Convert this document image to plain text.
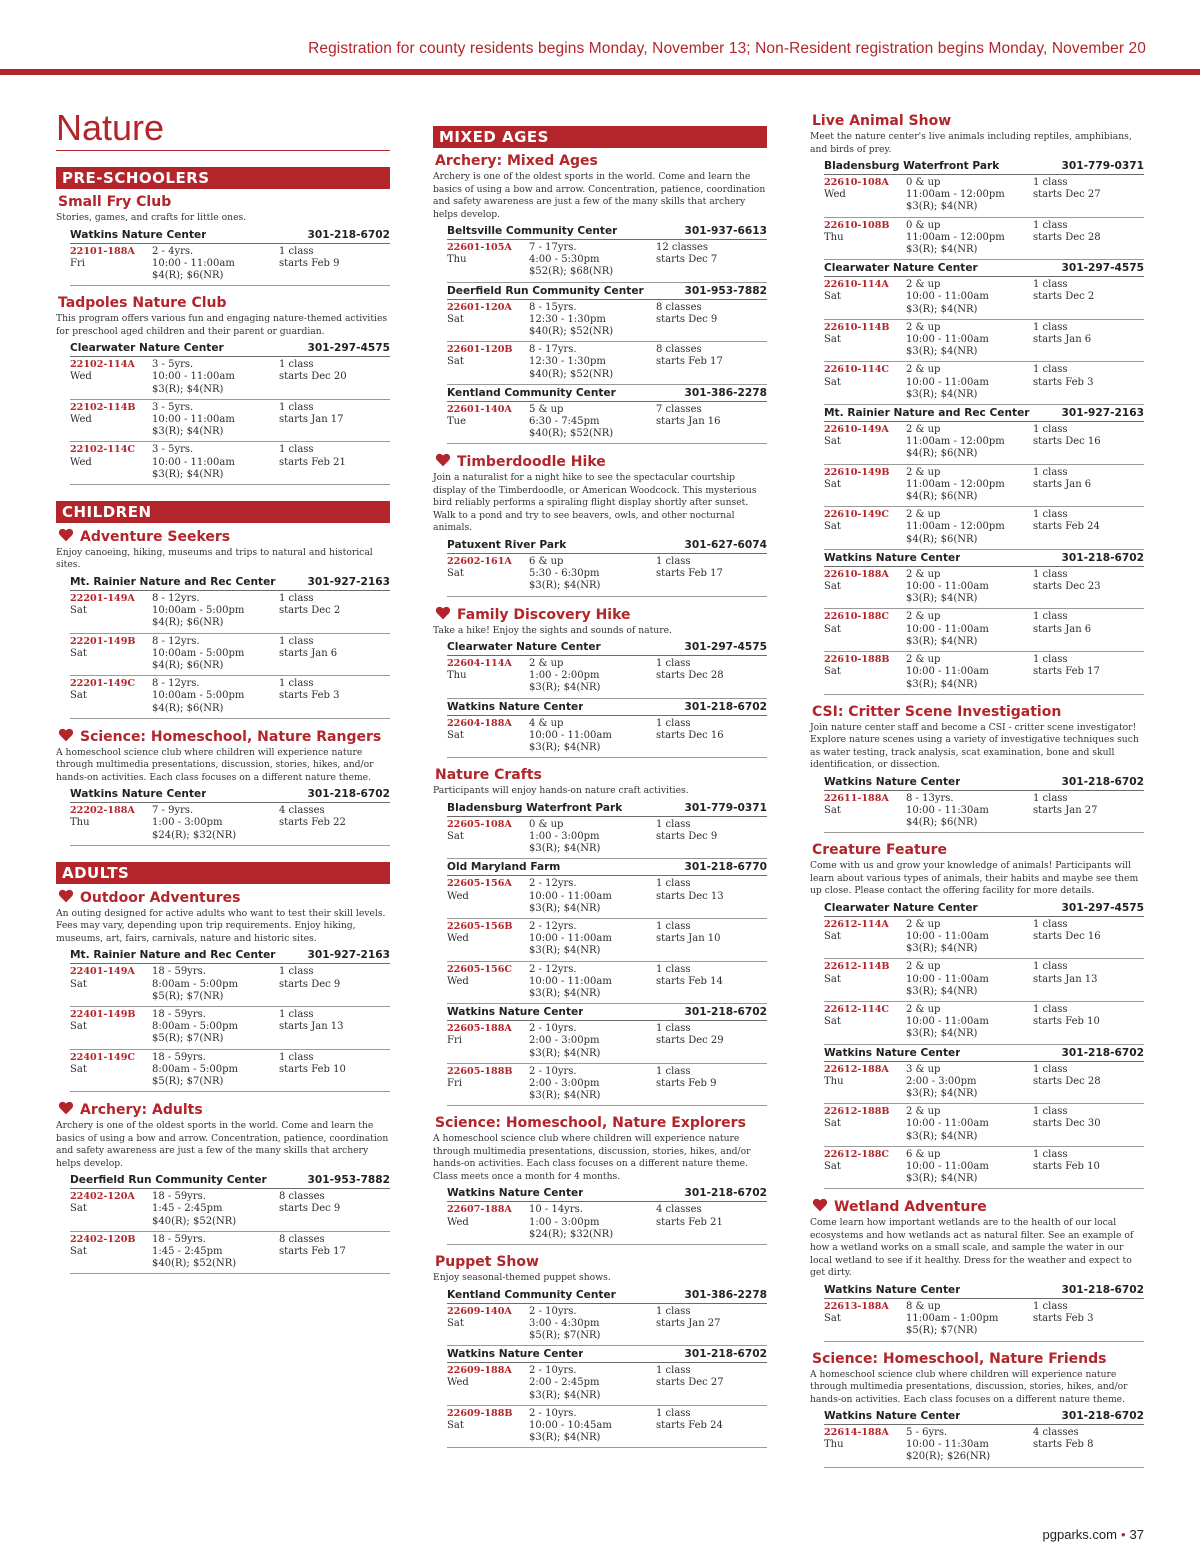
Registration for county residents begins Monday, November 13; Non-Resident registration begins Monday, November 20
Nature
PRE-SCHOOLERS
Small Fry Club
Stories, games, and crafts for little ones.
Watkins Nature Center	301-218-6702
22101-188A
Fri
2 - 4yrs.
10:00 - 11:00am
$4(R); $6(NR)
1 class
starts Feb 9
Tadpoles Nature Club
This program offers various fun and engaging nature-themed activities for preschool aged children and their parent or guardian.
Clearwater Nature Center	301-297-4575
22102-114A
Wed
3 - 5yrs.
10:00 - 11:00am
$3(R); $4(NR)
1 class
starts Dec 20
22102-114B
Wed
3 - 5yrs.
10:00 - 11:00am
$3(R); $4(NR)
1 class
starts Jan 17
22102-114C
Wed
3 - 5yrs.
10:00 - 11:00am
$3(R); $4(NR)
1 class
starts Feb 21
CHILDREN
Adventure Seekers
Enjoy canoeing, hiking, museums and trips to natural and historical sites.
Mt. Rainier Nature and Rec Center	301-927-2163
22201-149A
Sat
8 - 12yrs.
10:00am - 5:00pm
$4(R); $6(NR)
1 class
starts Dec 2
22201-149B
Sat
8 - 12yrs.
10:00am - 5:00pm
$4(R); $6(NR)
1 class
starts Jan 6
22201-149C
Sat
8 - 12yrs.
10:00am - 5:00pm
$4(R); $6(NR)
1 class
starts Feb 3
Science: Homeschool, Nature Rangers
A homeschool science club where children will experience nature through multimedia presentations, discussion, stories, hikes, and/or hands-on activities. Each class focuses on a different nature theme.
Watkins Nature Center	301-218-6702
22202-188A
Thu
7 - 9yrs.
1:00 - 3:00pm
$24(R); $32(NR)
4 classes
starts Feb 22
ADULTS
Outdoor Adventures
An outing designed for active adults who want to test their skill levels. Fees may vary, depending upon trip requirements. Enjoy hiking, museums, art, fairs, carnivals, nature and historic sites.
Mt. Rainier Nature and Rec Center	301-927-2163
22401-149A
Sat
18 - 59yrs.
8:00am - 5:00pm
$5(R); $7(NR)
1 class
starts Dec 9
22401-149B
Sat
18 - 59yrs.
8:00am - 5:00pm
$5(R); $7(NR)
1 class
starts Jan 13
22401-149C
Sat
18 - 59yrs.
8:00am - 5:00pm
$5(R); $7(NR)
1 class
starts Feb 10
Archery: Adults
Archery is one of the oldest sports in the world. Come and learn the basics of using a bow and arrow. Concentration, patience, coordination and safety awareness are just a few of the many skills that archery helps develop.
Deerfield Run Community Center	301-953-7882
22402-120A
Sat
18 - 59yrs.
1:45 - 2:45pm
$40(R); $52(NR)
8 classes
starts Dec 9
22402-120B
Sat
18 - 59yrs.
1:45 - 2:45pm
$40(R); $52(NR)
8 classes
starts Feb 17
MIXED AGES
Archery: Mixed Ages
Archery is one of the oldest sports in the world. Come and learn the basics of using a bow and arrow. Concentration, patience, coordination and safety awareness are just a few of the many skills that archery helps develop.
Beltsville Community Center	301-937-6613
22601-105A
Thu
7 - 17yrs.
4:00 - 5:30pm
$52(R); $68(NR)
12 classes
starts Dec 7
Deerfield Run Community Center	301-953-7882
22601-120A
Sat
8 - 15yrs.
12:30 - 1:30pm
$40(R); $52(NR)
8 classes
starts Dec 9
22601-120B
Sat
8 - 17yrs.
12:30 - 1:30pm
$40(R); $52(NR)
8 classes
starts Feb 17
Kentland Community Center	301-386-2278
22601-140A
Tue
5 & up
6:30 - 7:45pm
$40(R); $52(NR)
7 classes
starts Jan 16
Timberdoodle Hike
Join a naturalist for a night hike to see the spectacular courtship display of the Timberdoodle, or American Woodcock. This mysterious bird reliably performs a spiraling flight display shortly after sunset. Walk to a pond and try to see beavers, owls, and other nocturnal animals.
Patuxent River Park	301-627-6074
22602-161A
Sat
6 & up
5:30 - 6:30pm
$3(R); $4(NR)
1 class
starts Feb 17
Family Discovery Hike
Take a hike! Enjoy the sights and sounds of nature.
Clearwater Nature Center	301-297-4575
22604-114A
Thu
2 & up
1:00 - 2:00pm
$3(R); $4(NR)
1 class
starts Dec 28
Watkins Nature Center	301-218-6702
22604-188A
Sat
4 & up
10:00 - 11:00am
$3(R); $4(NR)
1 class
starts Dec 16
Nature Crafts
Participants will enjoy hands-on nature craft activities.
Bladensburg Waterfront Park	301-779-0371
22605-108A
Sat
0 & up
1:00 - 3:00pm
$3(R); $4(NR)
1 class
starts Dec 9
Old Maryland Farm	301-218-6770
22605-156A
Wed
2 - 12yrs.
10:00 - 11:00am
$3(R); $4(NR)
1 class
starts Dec 13
22605-156B
Wed
2 - 12yrs.
10:00 - 11:00am
$3(R); $4(NR)
1 class
starts Jan 10
22605-156C
Wed
2 - 12yrs.
10:00 - 11:00am
$3(R); $4(NR)
1 class
starts Feb 14
Watkins Nature Center	301-218-6702
22605-188A
Fri
2 - 10yrs.
2:00 - 3:00pm
$3(R); $4(NR)
1 class
starts Dec 29
22605-188B
Fri
2 - 10yrs.
2:00 - 3:00pm
$3(R); $4(NR)
1 class
starts Feb 9
Science: Homeschool, Nature Explorers
A homeschool science club where children will experience nature through multimedia presentations, discussion, stories, hikes, and/or hands-on activities. Each class focuses on a different nature theme. Class meets once a month for 4 months.
Watkins Nature Center	301-218-6702
22607-188A
Wed
10 - 14yrs.
1:00 - 3:00pm
$24(R); $32(NR)
4 classes
starts Feb 21
Puppet Show
Enjoy seasonal-themed puppet shows.
Kentland Community Center	301-386-2278
22609-140A
Sat
2 - 10yrs.
3:00 - 4:30pm
$5(R); $7(NR)
1 class
starts Jan 27
Watkins Nature Center	301-218-6702
22609-188A
Wed
2 - 10yrs.
2:00 - 2:45pm
$3(R); $4(NR)
1 class
starts Dec 27
22609-188B
Sat
2 - 10yrs.
10:00 - 10:45am
$3(R); $4(NR)
1 class
starts Feb 24
Live Animal Show
Meet the nature center's live animals including reptiles, amphibians, and birds of prey.
Bladensburg Waterfront Park	301-779-0371
22610-108A
Wed
0 & up
11:00am - 12:00pm
$3(R); $4(NR)
1 class
starts Dec 27
22610-108B
Thu
0 & up
11:00am - 12:00pm
$3(R); $4(NR)
1 class
starts Dec 28
Clearwater Nature Center	301-297-4575
22610-114A
Sat
2 & up
10:00 - 11:00am
$3(R); $4(NR)
1 class
starts Dec 2
22610-114B
Sat
2 & up
10:00 - 11:00am
$3(R); $4(NR)
1 class
starts Jan 6
22610-114C
Sat
2 & up
10:00 - 11:00am
$3(R); $4(NR)
1 class
starts Feb 3
Mt. Rainier Nature and Rec Center	301-927-2163
22610-149A
Sat
2 & up
11:00am - 12:00pm
$4(R); $6(NR)
1 class
starts Dec 16
22610-149B
Sat
2 & up
11:00am - 12:00pm
$4(R); $6(NR)
1 class
starts Jan 6
22610-149C
Sat
2 & up
11:00am - 12:00pm
$4(R); $6(NR)
1 class
starts Feb 24
Watkins Nature Center	301-218-6702
22610-188A
Sat
2 & up
10:00 - 11:00am
$3(R); $4(NR)
1 class
starts Dec 23
22610-188C
Sat
2 & up
10:00 - 11:00am
$3(R); $4(NR)
1 class
starts Jan 6
22610-188B
Sat
2 & up
10:00 - 11:00am
$3(R); $4(NR)
1 class
starts Feb 17
CSI: Critter Scene Investigation
Join nature center staff and become a CSI - critter scene investigator! Explore nature scenes using a variety of investigative techniques such as water testing, track analysis, scat examination, bone and skull identification, or dissection.
Watkins Nature Center	301-218-6702
22611-188A
Sat
8 - 13yrs.
10:00 - 11:30am
$4(R); $6(NR)
1 class
starts Jan 27
Creature Feature
Come with us and grow your knowledge of animals! Participants will learn about various types of animals, their habits and maybe see them up close. Please contact the offering facility for more details.
Clearwater Nature Center	301-297-4575
22612-114A
Sat
2 & up
10:00 - 11:00am
$3(R); $4(NR)
1 class
starts Dec 16
22612-114B
Sat
2 & up
10:00 - 11:00am
$3(R); $4(NR)
1 class
starts Jan 13
22612-114C
Sat
2 & up
10:00 - 11:00am
$3(R); $4(NR)
1 class
starts Feb 10
Watkins Nature Center	301-218-6702
22612-188A
Thu
3 & up
2:00 - 3:00pm
$3(R); $4(NR)
1 class
starts Dec 28
22612-188B
Sat
2 & up
10:00 - 11:00am
$3(R); $4(NR)
1 class
starts Dec 30
22612-188C
Sat
6 & up
10:00 - 11:00am
$3(R); $4(NR)
1 class
starts Feb 10
Wetland Adventure
Come learn how important wetlands are to the health of our local ecosystems and how wetlands act as natural filter. See an example of how a wetland works on a small scale, and sample the water in our local wetland to see if it healthy. Dress for the weather and expect to get dirty.
Watkins Nature Center	301-218-6702
22613-188A
Sat
8 & up
11:00am - 1:00pm
$5(R); $7(NR)
1 class
starts Feb 3
Science: Homeschool, Nature Friends
A homeschool science club where children will experience nature through multimedia presentations, discussion, stories, hikes, and/or hands-on activities. Each class focuses on a different nature theme.
Watkins Nature Center	301-218-6702
22614-188A
Thu
5 - 6yrs.
10:00 - 11:30am
$20(R); $26(NR)
4 classes
starts Feb 8
pgparks.com • 37
